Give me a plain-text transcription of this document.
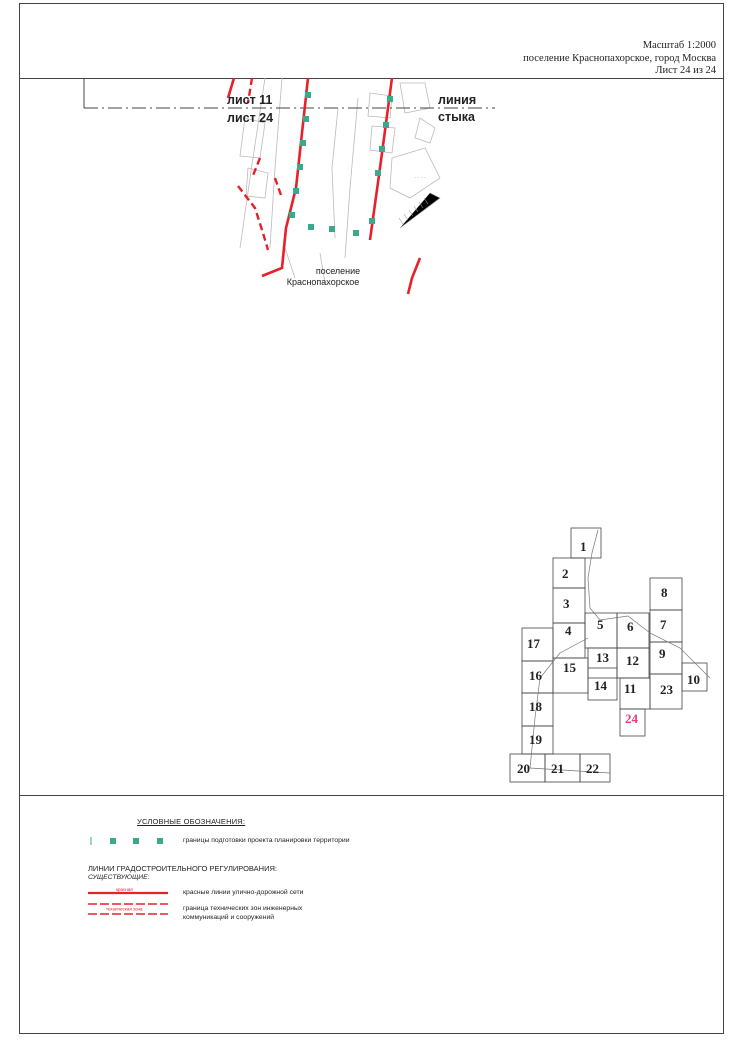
Масштаб 1:2000
поселение Краснопахорское, город Москва
Лист 24 из 24
· · · ·
лист 11
лист 24
линия
стыка
поселение
Краснопахорское
1
2
3
4 5 6 7
8
9
10
11
12
13
14
15
16
17
18
19
20 21 22
23
24
УСЛОВНЫЕ ОБОЗНАЧЕНИЯ:
границы подготовки проекта планировки территории
ЛИНИИ ГРАДОСТРОИТЕЛЬНОГО РЕГУЛИРОВАНИЯ:
СУЩЕСТВУЮЩИЕ:
красная	красные линии улично-дорожной сети
техническая зона	граница технических зон инженерных
коммуникаций и сооружений
